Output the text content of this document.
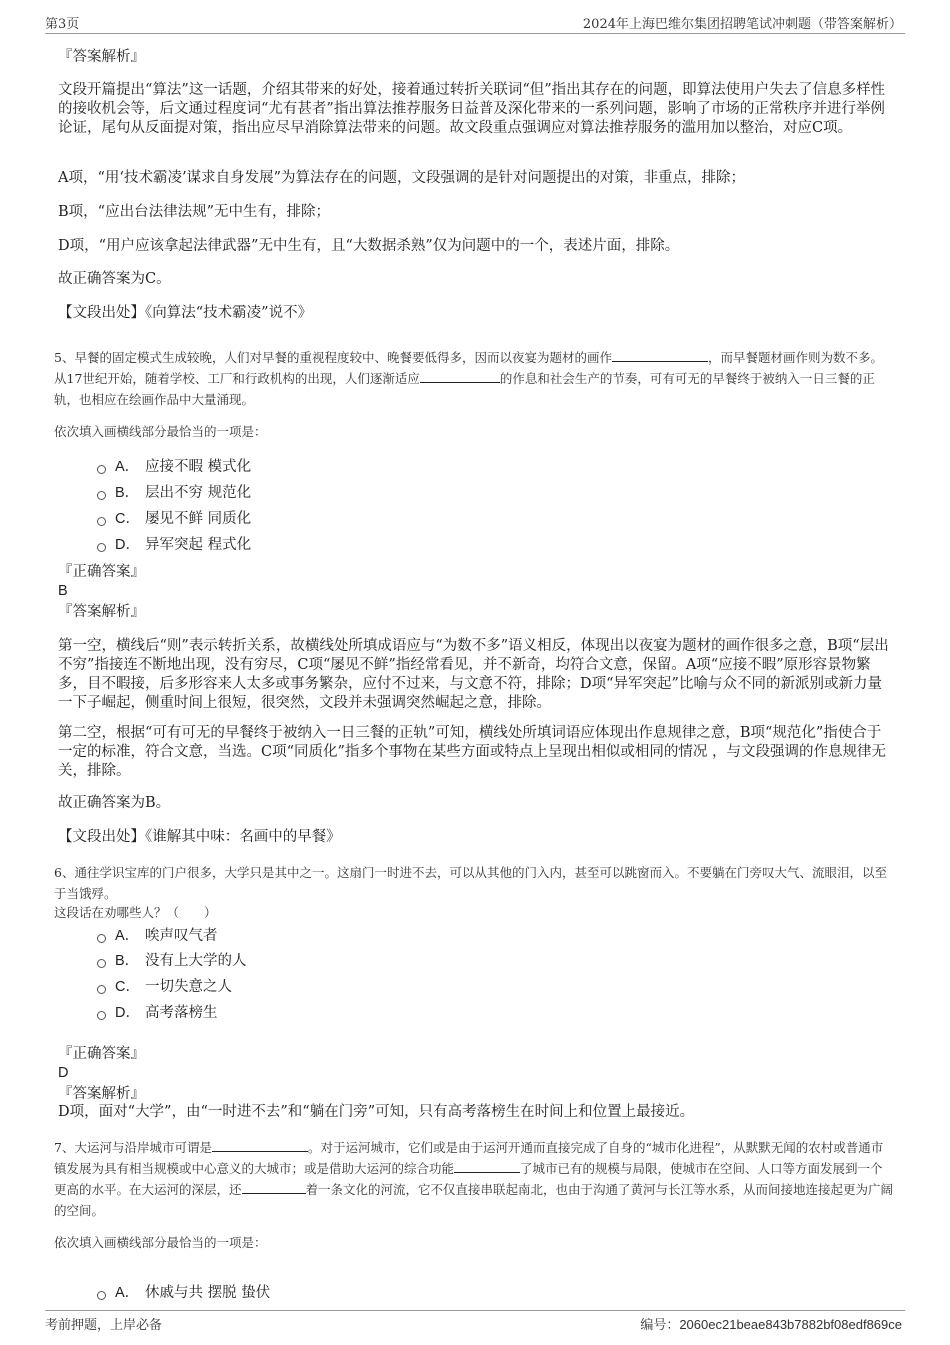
第3页	2024年上海巴维尔集团招聘笔试冲刺题（带答案解析）
『答案解析』
文段开篇提出“算法”这一话题，介绍其带来的好处，接着通过转折关联词“但”指出其存在的问题，即算法使用户失去了信息多样性的接收机会等，后文通过程度词“尤有甚者”指出算法推荐服务日益普及深化带来的一系列问题，影响了市场的正常秩序并进行举例论证，尾句从反面提对策，指出应尽早消除算法带来的问题。故文段重点强调应对算法推荐服务的滥用加以整治，对应C项。
A项，“用‘技术霸凌’谋求自身发展”为算法存在的问题，文段强调的是针对问题提出的对策，非重点，排除；
B项，“应出台法律法规”无中生有，排除；
D项，“用户应该拿起法律武器”无中生有，且“大数据杀熟”仅为问题中的一个，表述片面，排除。
故正确答案为C。
【文段出处】《向算法“技术霸凌”说不》
5、早餐的固定模式生成较晚，人们对早餐的重视程度较中、晚餐要低得多，因而以夜宴为题材的画作	，而早餐题材画作则为数不多。从17世纪开始，随着学校、工厂和行政机构的出现，人们逐渐适应	的作息和社会生产的节奏，可有可无的早餐终于被纳入一日三餐的正轨，也相应在绘画作品中大量涌现。
依次填入画横线部分最恰当的一项是：
A． 应接不暇 模式化
B． 层出不穷 规范化
C． 屡见不鲜 同质化
D． 异军突起 程式化
『正确答案』
B
『答案解析』
第一空，横线后“则”表示转折关系，故横线处所填成语应与“为数不多”语义相反，体现出以夜宴为题材的画作很多之意，B项“层出不穷”指接连不断地出现，没有穷尽，C项“屡见不鲜”指经常看见，并不新奇，均符合文意，保留。A项“应接不暇”原形容景物繁多，目不暇接，后多形容来人太多或事务繁杂，应付不过来，与文意不符，排除；D项“异军突起”比喻与众不同的新派别或新力量一下子崛起，侧重时间上很短，很突然，文段并未强调突然崛起之意，排除。
第二空，根据“可有可无的早餐终于被纳入一日三餐的正轨”可知，横线处所填词语应体现出作息规律之意，B项“规范化”指使合于一定的标准，符合文意，当选。C项“同质化”指多个事物在某些方面或特点上呈现出相似或相同的情况 ，与文段强调的作息规律无关，排除。
故正确答案为B。
【文段出处】《谁解其中味：名画中的早餐》
6、通往学识宝库的门户很多，大学只是其中之一。这扇门一时进不去，可以从其他的门入内，甚至可以跳窗而入。不要躺在门旁叹大气、流眼泪，以至于当饿殍。
这段话在劝哪些人？（　　）
A． 唉声叹气者
B． 没有上大学的人
C． 一切失意之人
D． 高考落榜生
『正确答案』
D
『答案解析』
D项，面对“大学”，由“一时进不去”和“躺在门旁”可知，只有高考落榜生在时间上和位置上最接近。
7、大运河与沿岸城市可谓是	。对于运河城市，它们或是由于运河开通而直接完成了自身的“城市化进程”，从默默无闻的农村或普通市镇发展为具有相当规模或中心意义的大城市；或是借助大运河的综合功能	了城市已有的规模与局限，使城市在空间、人口等方面发展到一个更高的水平。在大运河的深层，还	着一条文化的河流，它不仅直接串联起南北，也由于沟通了黄河与长江等水系，从而间接地连接起更为广阔的空间。
依次填入画横线部分最恰当的一项是：
A． 休戚与共 摆脱 蛰伏
考前押题，上岸必备	编号：2060ec21beae843b7882bf08edf869ce
